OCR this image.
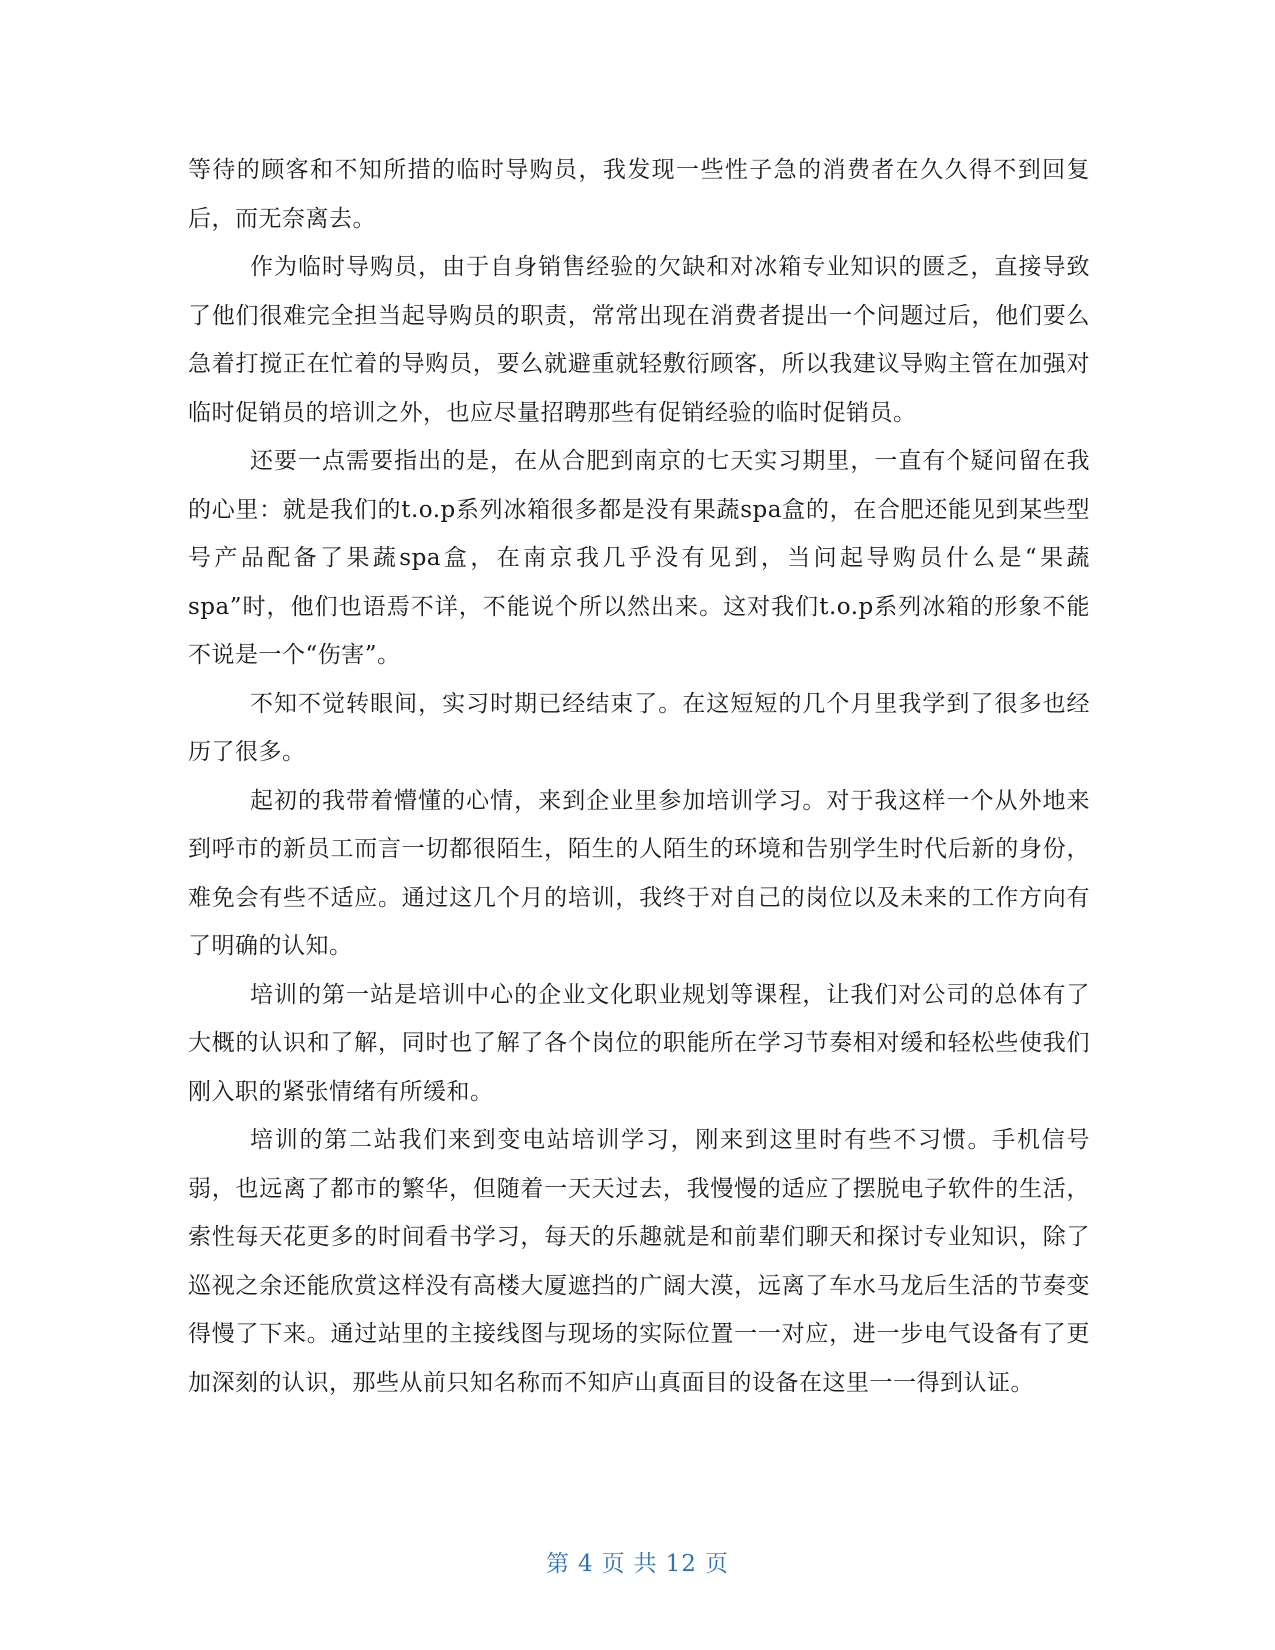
等待的顾客和不知所措的临时导购员，我发现一些性子急的消费者在久久得不到回复后，而无奈离去。

作为临时导购员，由于自身销售经验的欠缺和对冰箱专业知识的匮乏，直接导致了他们很难完全担当起导购员的职责，常常出现在消费者提出一个问题过后，他们要么急着打搅正在忙着的导购员，要么就避重就轻敷衍顾客，所以我建议导购主管在加强对临时促销员的培训之外，也应尽量招聘那些有促销经验的临时促销员。

还要一点需要指出的是，在从合肥到南京的七天实习期里，一直有个疑问留在我的心里：就是我们的t.o.p系列冰箱很多都是没有果蔬spa盒的，在合肥还能见到某些型号产品配备了果蔬spa盒，在南京我几乎没有见到，当问起导购员什么是“果蔬spa”时，他们也语焉不详，不能说个所以然出来。这对我们t.o.p系列冰箱的形象不能不说是一个“伤害”。

不知不觉转眼间，实习时期已经结束了。在这短短的几个月里我学到了很多也经历了很多。

起初的我带着懵懂的心情，来到企业里参加培训学习。对于我这样一个从外地来到呼市的新员工而言一切都很陌生，陌生的人陌生的环境和告别学生时代后新的身份，难免会有些不适应。通过这几个月的培训，我终于对自己的岗位以及未来的工作方向有了明确的认知。

培训的第一站是培训中心的企业文化职业规划等课程，让我们对公司的总体有了大概的认识和了解，同时也了解了各个岗位的职能所在学习节奏相对缓和轻松些使我们刚入职的紧张情绪有所缓和。

培训的第二站我们来到变电站培训学习，刚来到这里时有些不习惯。手机信号弱，也远离了都市的繁华，但随着一天天过去，我慢慢的适应了摆脱电子软件的生活，索性每天花更多的时间看书学习，每天的乐趣就是和前辈们聊天和探讨专业知识，除了巡视之余还能欣赏这样没有高楼大厦遮挡的广阔大漠，远离了车水马龙后生活的节奏变得慢了下来。通过站里的主接线图与现场的实际位置一一对应，进一步电气设备有了更加深刻的认识，那些从前只知名称而不知庐山真面目的设备在这里一一得到认证。

第 4 页 共 12 页
